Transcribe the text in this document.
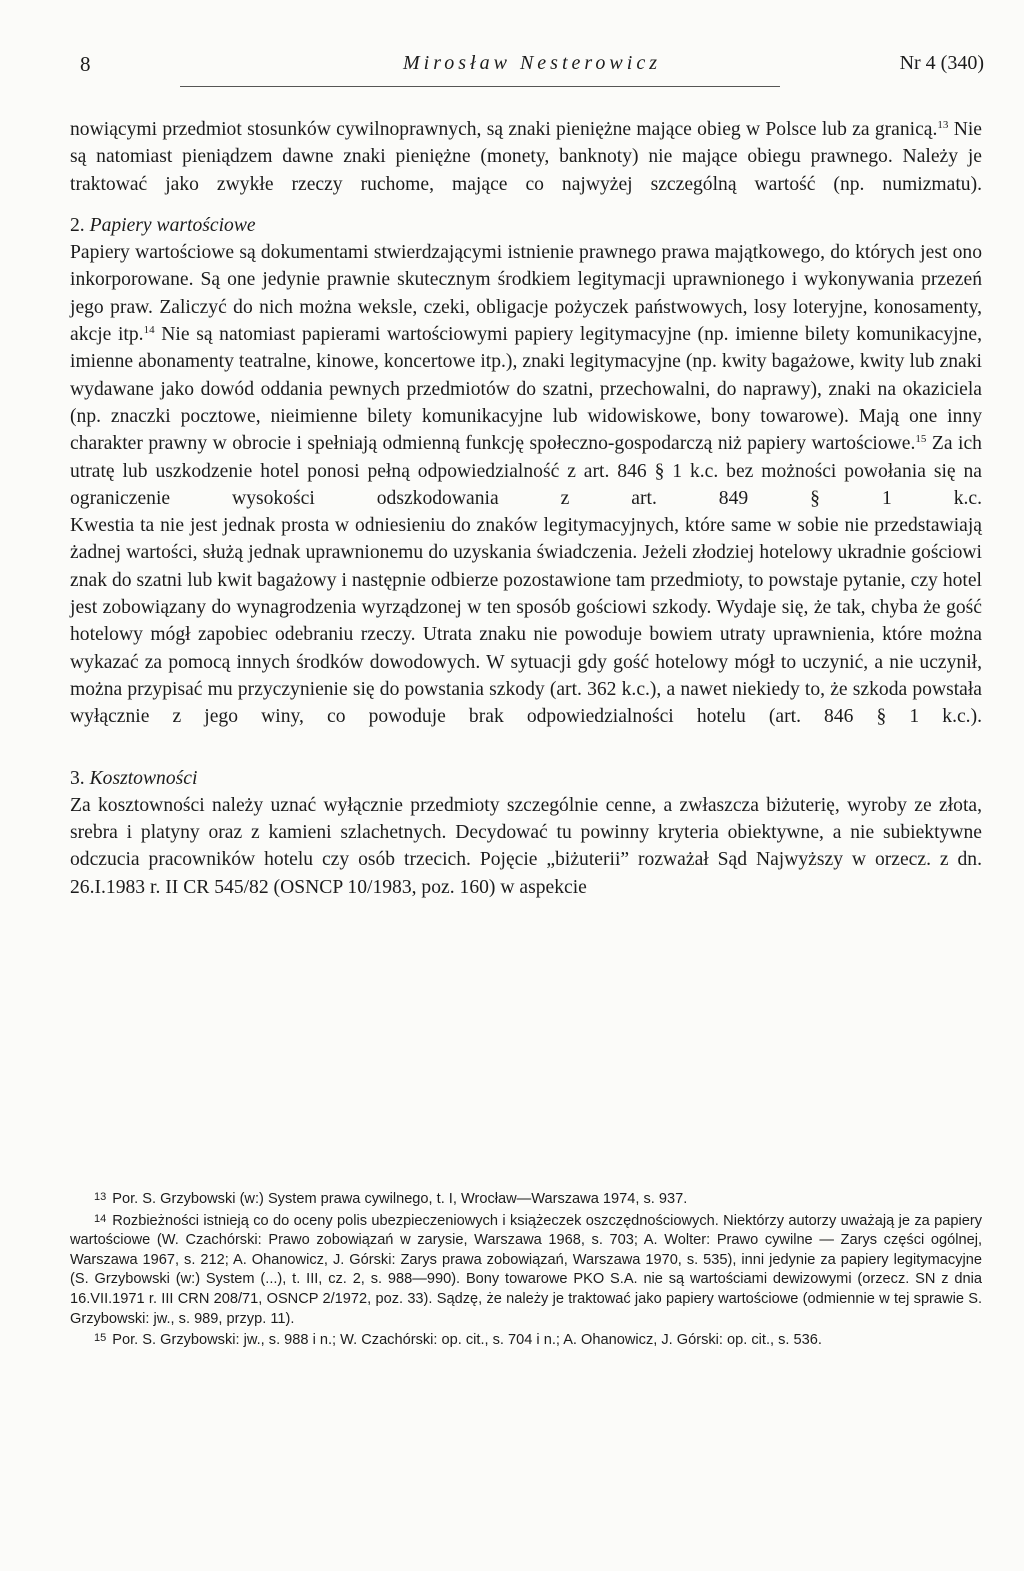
8	Mirosław Nesterowicz	Nr 4 (340)

nowiącymi przedmiot stosunków cywilnoprawnych, są znaki pieniężne mające obieg w Polsce lub za granicą.$^{13}$ Nie są natomiast pieniądzem dawne znaki pieniężne (monety, banknoty) nie mające obiegu prawnego. Należy je traktować jako zwykłe rzeczy ruchome, mające co najwyżej szczególną wartość (np. numizmatu).

2. Papiery wartościowe

Papiery wartościowe są dokumentami stwierdzającymi istnienie prawnego prawa majątkowego, do których jest ono inkorporowane. Są one jedynie prawnie skutecznym środkiem legitymacji uprawnionego i wykonywania przezeń jego praw. Zaliczyć do nich można weksle, czeki, obligacje pożyczek państwowych, losy loteryjne, konosamenty, akcje itp.$^{14}$ Nie są natomiast papierami wartościowymi papiery legitymacyjne (np. imienne bilety komunikacyjne, imienne abonamenty teatralne, kinowe, koncertowe itp.), znaki legitymacyjne (np. kwity bagażowe, kwity lub znaki wydawane jako dowód oddania pewnych przedmiotów do szatni, przechowalni, do naprawy), znaki na okaziciela (np. znaczki pocztowe, nieimienne bilety komunikacyjne lub widowiskowe, bony towarowe). Mają one inny charakter prawny w obrocie i spełniają odmienną funkcję społeczno-gospodarczą niż papiery wartościowe.$^{15}$ Za ich utratę lub uszkodzenie hotel ponosi pełną odpowiedzialność z art. 846 § 1 k.c. bez możności powołania się na ograniczenie wysokości odszkodowania z art. 849 § 1 k.c.

Kwestia ta nie jest jednak prosta w odniesieniu do znaków legitymacyjnych, które same w sobie nie przedstawiają żadnej wartości, służą jednak uprawnionemu do uzyskania świadczenia. Jeżeli złodziej hotelowy ukradnie gościowi znak do szatni lub kwit bagażowy i następnie odbierze pozostawione tam przedmioty, to powstaje pytanie, czy hotel jest zobowiązany do wynagrodzenia wyrządzonej w ten sposób gościowi szkody. Wydaje się, że tak, chyba że gość hotelowy mógł zapobiec odebraniu rzeczy. Utrata znaku nie powoduje bowiem utraty uprawnienia, które można wykazać za pomocą innych środków dowodowych. W sytuacji gdy gość hotelowy mógł to uczynić, a nie uczynił, można przypisać mu przyczynienie się do powstania szkody (art. 362 k.c.), a nawet niekiedy to, że szkoda powstała wyłącznie z jego winy, co powoduje brak odpowiedzialności hotelu (art. 846 § 1 k.c.).

3. Kosztowności

Za kosztowności należy uznać wyłącznie przedmioty szczególnie cenne, a zwłaszcza biżuterię, wyroby ze złota, srebra i platyny oraz z kamieni szlachetnych. Decydować tu powinny kryteria obiektywne, a nie subiektywne odczucia pracowników hotelu czy osób trzecich. Pojęcie „biżuterii” rozważał Sąd Najwyższy w orzecz. z dn. 26.I.1983 r. II CR 545/82 (OSNCP 10/1983, poz. 160) w aspekcie

$^{13}$ Por. S. Grzybowski (w:) System prawa cywilnego, t. I, Wrocław—Warszawa 1974, s. 937.

$^{14}$ Rozbieżności istnieją co do oceny polis ubezpieczeniowych i książeczek oszczędnościowych. Niektórzy autorzy uważają je za papiery wartościowe (W. Czachórski: Prawo zobowiązań w zarysie, Warszawa 1968, s. 703; A. Wolter: Prawo cywilne — Zarys części ogólnej, Warszawa 1967, s. 212; A. Ohanowicz, J. Górski: Zarys prawa zobowiązań, Warszawa 1970, s. 535), inni jedynie za papiery legitymacyjne (S. Grzybowski (w:) System (...), t. III, cz. 2, s. 988—990). Bony towarowe PKO S.A. nie są wartościami dewizowymi (orzecz. SN z dnia 16.VII.1971 r. III CRN 208/71, OSNCP 2/1972, poz. 33). Sądzę, że należy je traktować jako papiery wartościowe (odmiennie w tej sprawie S. Grzybowski: jw., s. 989, przyp. 11).

$^{15}$ Por. S. Grzybowski: jw., s. 988 i n.; W. Czachórski: op. cit., s. 704 i n.; A. Ohanowicz, J. Górski: op. cit., s. 536.
